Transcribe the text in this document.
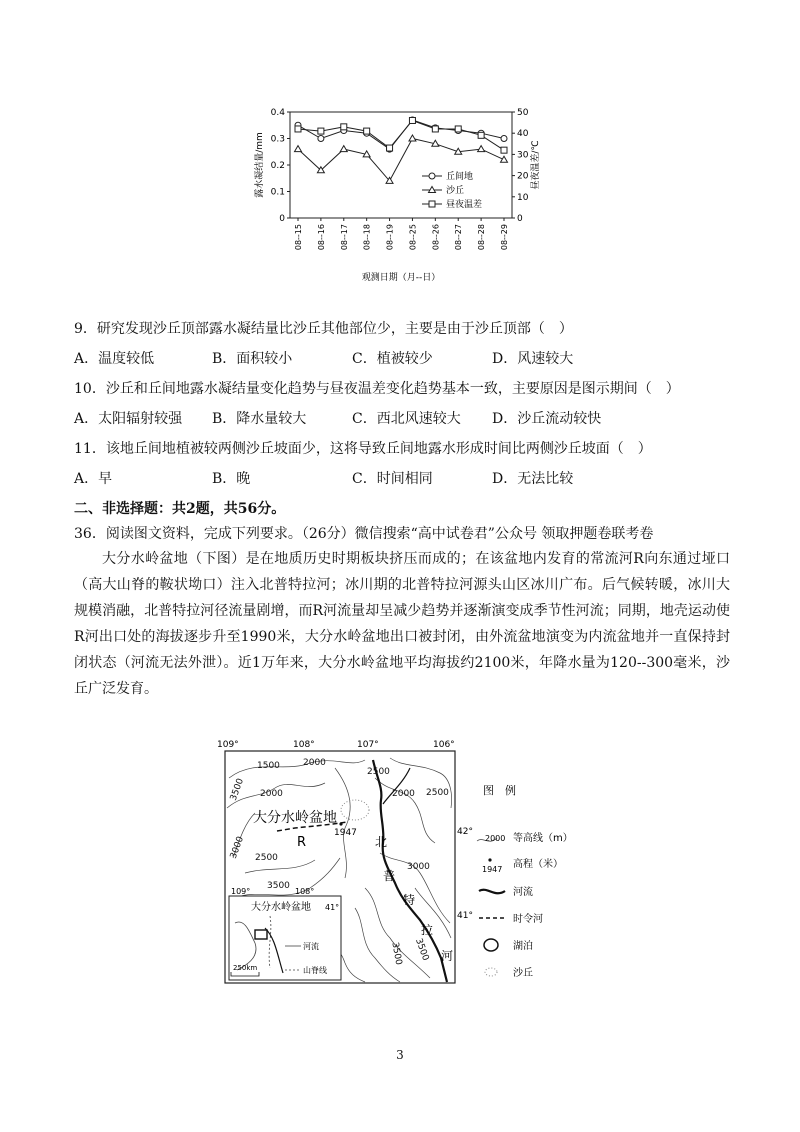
0
0.1
0.2
0.3
0.4
0
10
20
30
40
50
08--15 08--16 08--17 08--18 08--19 08--25 08--26 08--27 08--28 08--29
观测日期（月--日）
露水凝结量/mm	昼夜温差/℃
丘间地
沙丘
昼夜温差
9．研究发现沙丘顶部露水凝结量比沙丘其他部位少，主要是由于沙丘顶部（　）
A．温度较低	B．面积较小	C．植被较少	D．风速较大
10．沙丘和丘间地露水凝结量变化趋势与昼夜温差变化趋势基本一致，主要原因是图示期间（　）
A．太阳辐射较强 B．降水量较大	C．西北风速较大 D．沙丘流动较快
11．该地丘间地植被较两侧沙丘坡面少，这将导致丘间地露水形成时间比两侧沙丘坡面（　）
A．早	B．晚	C．时间相同	D．无法比较
二、非选择题：共2题，共56分。
36．阅读图文资料，完成下列要求。（26分）微信搜索“高中试卷君”公众号 领取押题卷联考卷
大分水岭盆地（下图）是在地质历史时期板块挤压而成的；在该盆地内发育的常流河R向东通过垭口（高大山脊的鞍状坳口）注入北普特拉河；冰川期的北普特拉河源头山区冰川广布。后气候转暖，冰川大规模消融，北普特拉河径流量剧增，而R河流量却呈减少趋势并逐渐演变成季节性河流；同期，地壳运动使R河出口处的海拔逐步升至1990米，大分水岭盆地出口被封闭，由外流盆地演变为内流盆地并一直保持封闭状态（河流无法外泄）。近1万年来，大分水岭盆地平均海拔约2100米，年降水量为120--300毫米，沙丘广泛发育。
109°	108°	107°	106°
42°
41°
1500	2000
2000
2500
3500
3000 2500
3500
2000 2500
3000
3500
3500
1947
大分水岭盆地
R	北
普
特
拉
河
109°	108°
大分水岭盆地 41°
河流
山脊线
250km
图　例
2000 等高线（m）
1947 高程（米）
河流
时令河
湖泊
沙丘
3
